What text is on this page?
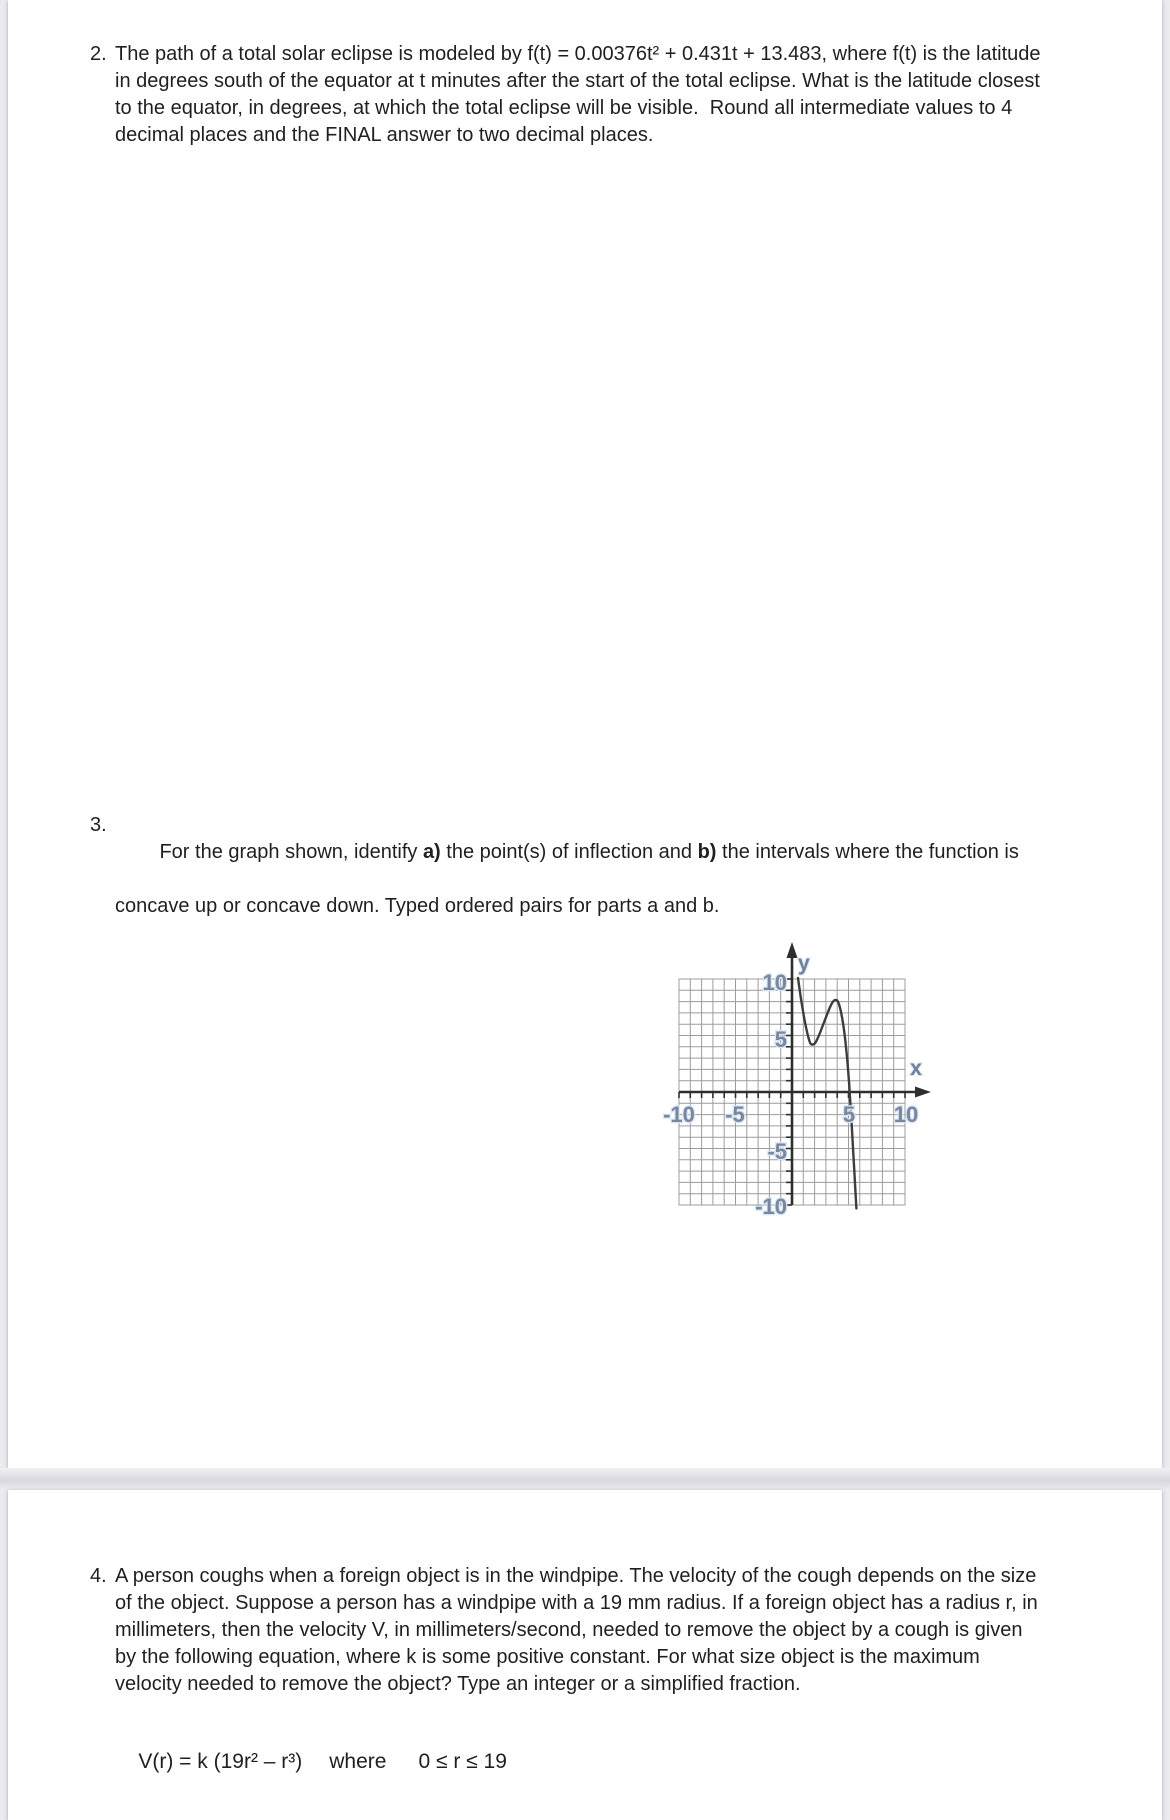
2. The path of a total solar eclipse is modeled by f(t) = 0.00376t² + 0.431t + 13.483, where f(t) is the latitude
in degrees south of the equator at t minutes after the start of the total eclipse. What is the latitude closest
to the equator, in degrees, at which the total eclipse will be visible.  Round all intermediate values to 4
decimal places and the FINAL answer to two decimal places.
3.

For the graph shown, identify a) the point(s) of inflection and b) the intervals where the function is

concave up or concave down. Typed ordered pairs for parts a and b.
10
5
-5
-10
-10 -5	5 10
y
x
4. A person coughs when a foreign object is in the windpipe. The velocity of the cough depends on the size
of the object. Suppose a person has a windpipe with a 19 mm radius. If a foreign object has a radius r, in
millimeters, then the velocity V, in millimeters/second, needed to remove the object by a cough is given
by the following equation, where k is some positive constant. For what size object is the maximum
velocity needed to remove the object? Type an integer or a simplified fraction.

V(r) = k (19r² – r³) where 0 ≤ r ≤ 19
